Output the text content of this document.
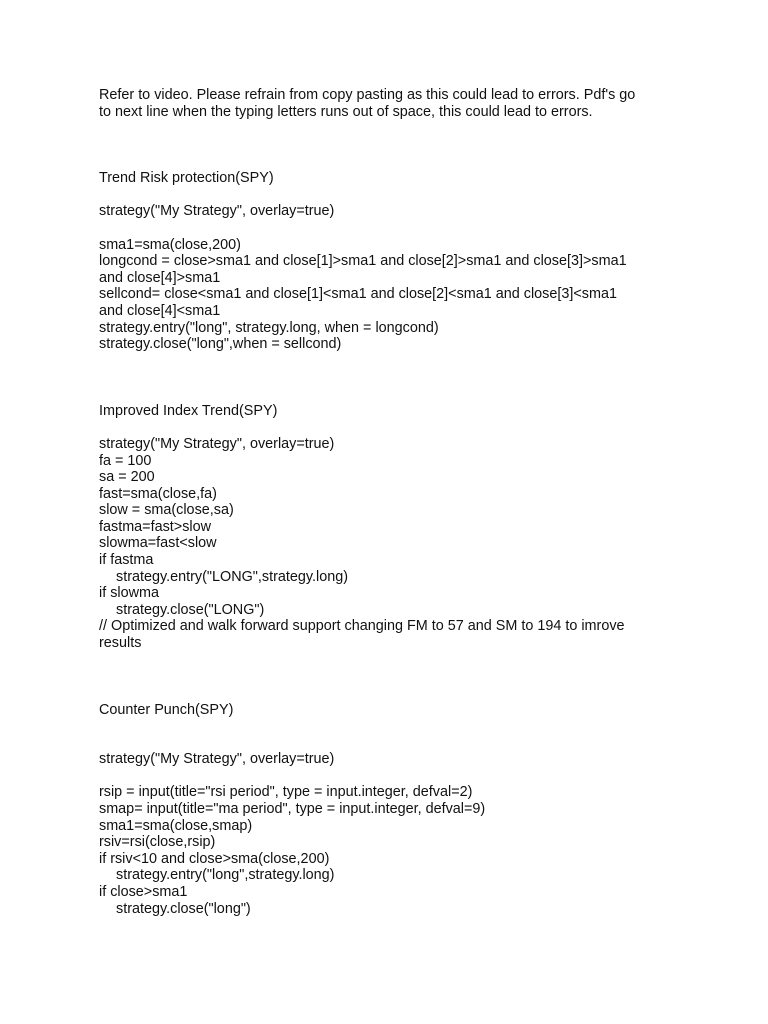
Refer to video. Please refrain from copy pasting as this could lead to errors. Pdf's go
to next line when the typing letters runs out of space, this could lead to errors.
Trend Risk protection(SPY)
strategy("My Strategy", overlay=true)
sma1=sma(close,200)
longcond = close>sma1 and close[1]>sma1 and close[2]>sma1 and close[3]>sma1
and close[4]>sma1
sellcond= close<sma1 and close[1]<sma1 and close[2]<sma1 and close[3]<sma1
and close[4]<sma1
strategy.entry("long", strategy.long, when = longcond)
strategy.close("long",when = sellcond)
Improved Index Trend(SPY)
strategy("My Strategy", overlay=true)
fa = 100
sa = 200
fast=sma(close,fa)
slow = sma(close,sa)
fastma=fast>slow
slowma=fast<slow
if fastma
strategy.entry("LONG",strategy.long)
if slowma
strategy.close("LONG")
// Optimized and walk forward support changing FM to 57 and SM to 194 to imrove
results
Counter Punch(SPY)
strategy("My Strategy", overlay=true)
rsip = input(title="rsi period", type = input.integer, defval=2)
smap= input(title="ma period", type = input.integer, defval=9)
sma1=sma(close,smap)
rsiv=rsi(close,rsip)
if rsiv<10 and close>sma(close,200)
strategy.entry("long",strategy.long)
if close>sma1
strategy.close("long")
